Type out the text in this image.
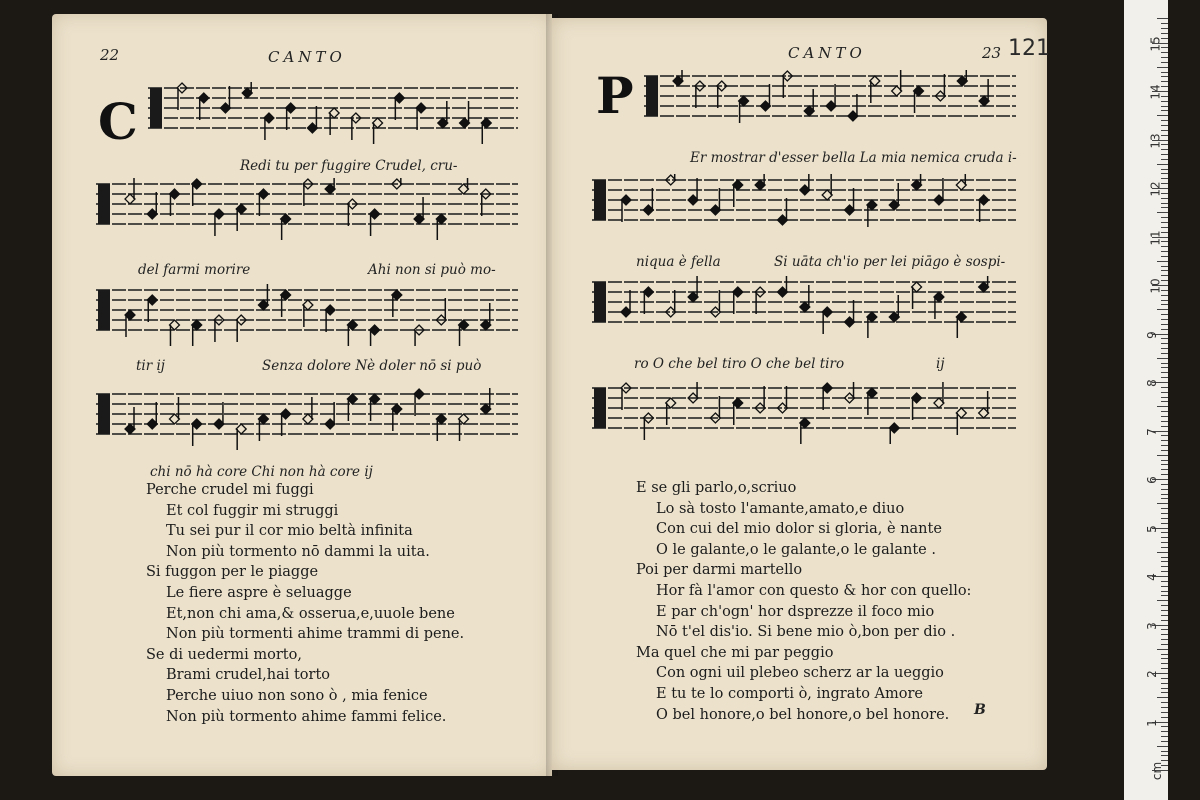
22	CANTO
C
Redi tu per fuggire Crudel, cru-
del farmi morire	Ahi non si può mo-
tir ij	Senza dolore Nè doler nō si può
chi nō hà core Chi non hà core ij
Perche crudel mi fuggi
Et col fuggir mi struggi
Tu sei pur il cor mio beltà infinita
Non più tormento nō dammi la uita.
Si fuggon per le piagge
Le fiere aspre è seluagge
Et,non chi ama,& osserua,e,uuole bene
Non più tormenti ahime trammi di pene.
Se di uedermi morto,
Brami crudel,hai torto
Perche uiuo non sono ò , mia fenice
Non più tormento ahime fammi felice.
CANTO	23 121
P
Er mostrar d'esser bella La mia nemica cruda i-
niqua è fella	Si uāta ch'io per lei piāgo è sospi-
ro O che bel tiro O che bel tiro	ij
E se gli parlo,o,scriuo
Lo sà tosto l'amante,amato,e diuo
Con cui del mio dolor si gloria, è nante
O le galante,o le galante,o le galante .
Poi per darmi martello
Hor fà l'amor con questo & hor con quello:
E par ch'ogn' hor dsprezze il foco mio
Nō t'el dis'io. Si bene mio ò,bon per dio .
Ma quel che mi par peggio
Con ogni uil plebeo scherz ar la ueggio
E tu te lo comporti ò, ingrato Amore
O bel honore,o bel honore,o bel honore.	B
1
2
3
4
5
6
7
8
9
10
11
12
13
14
15
cm
